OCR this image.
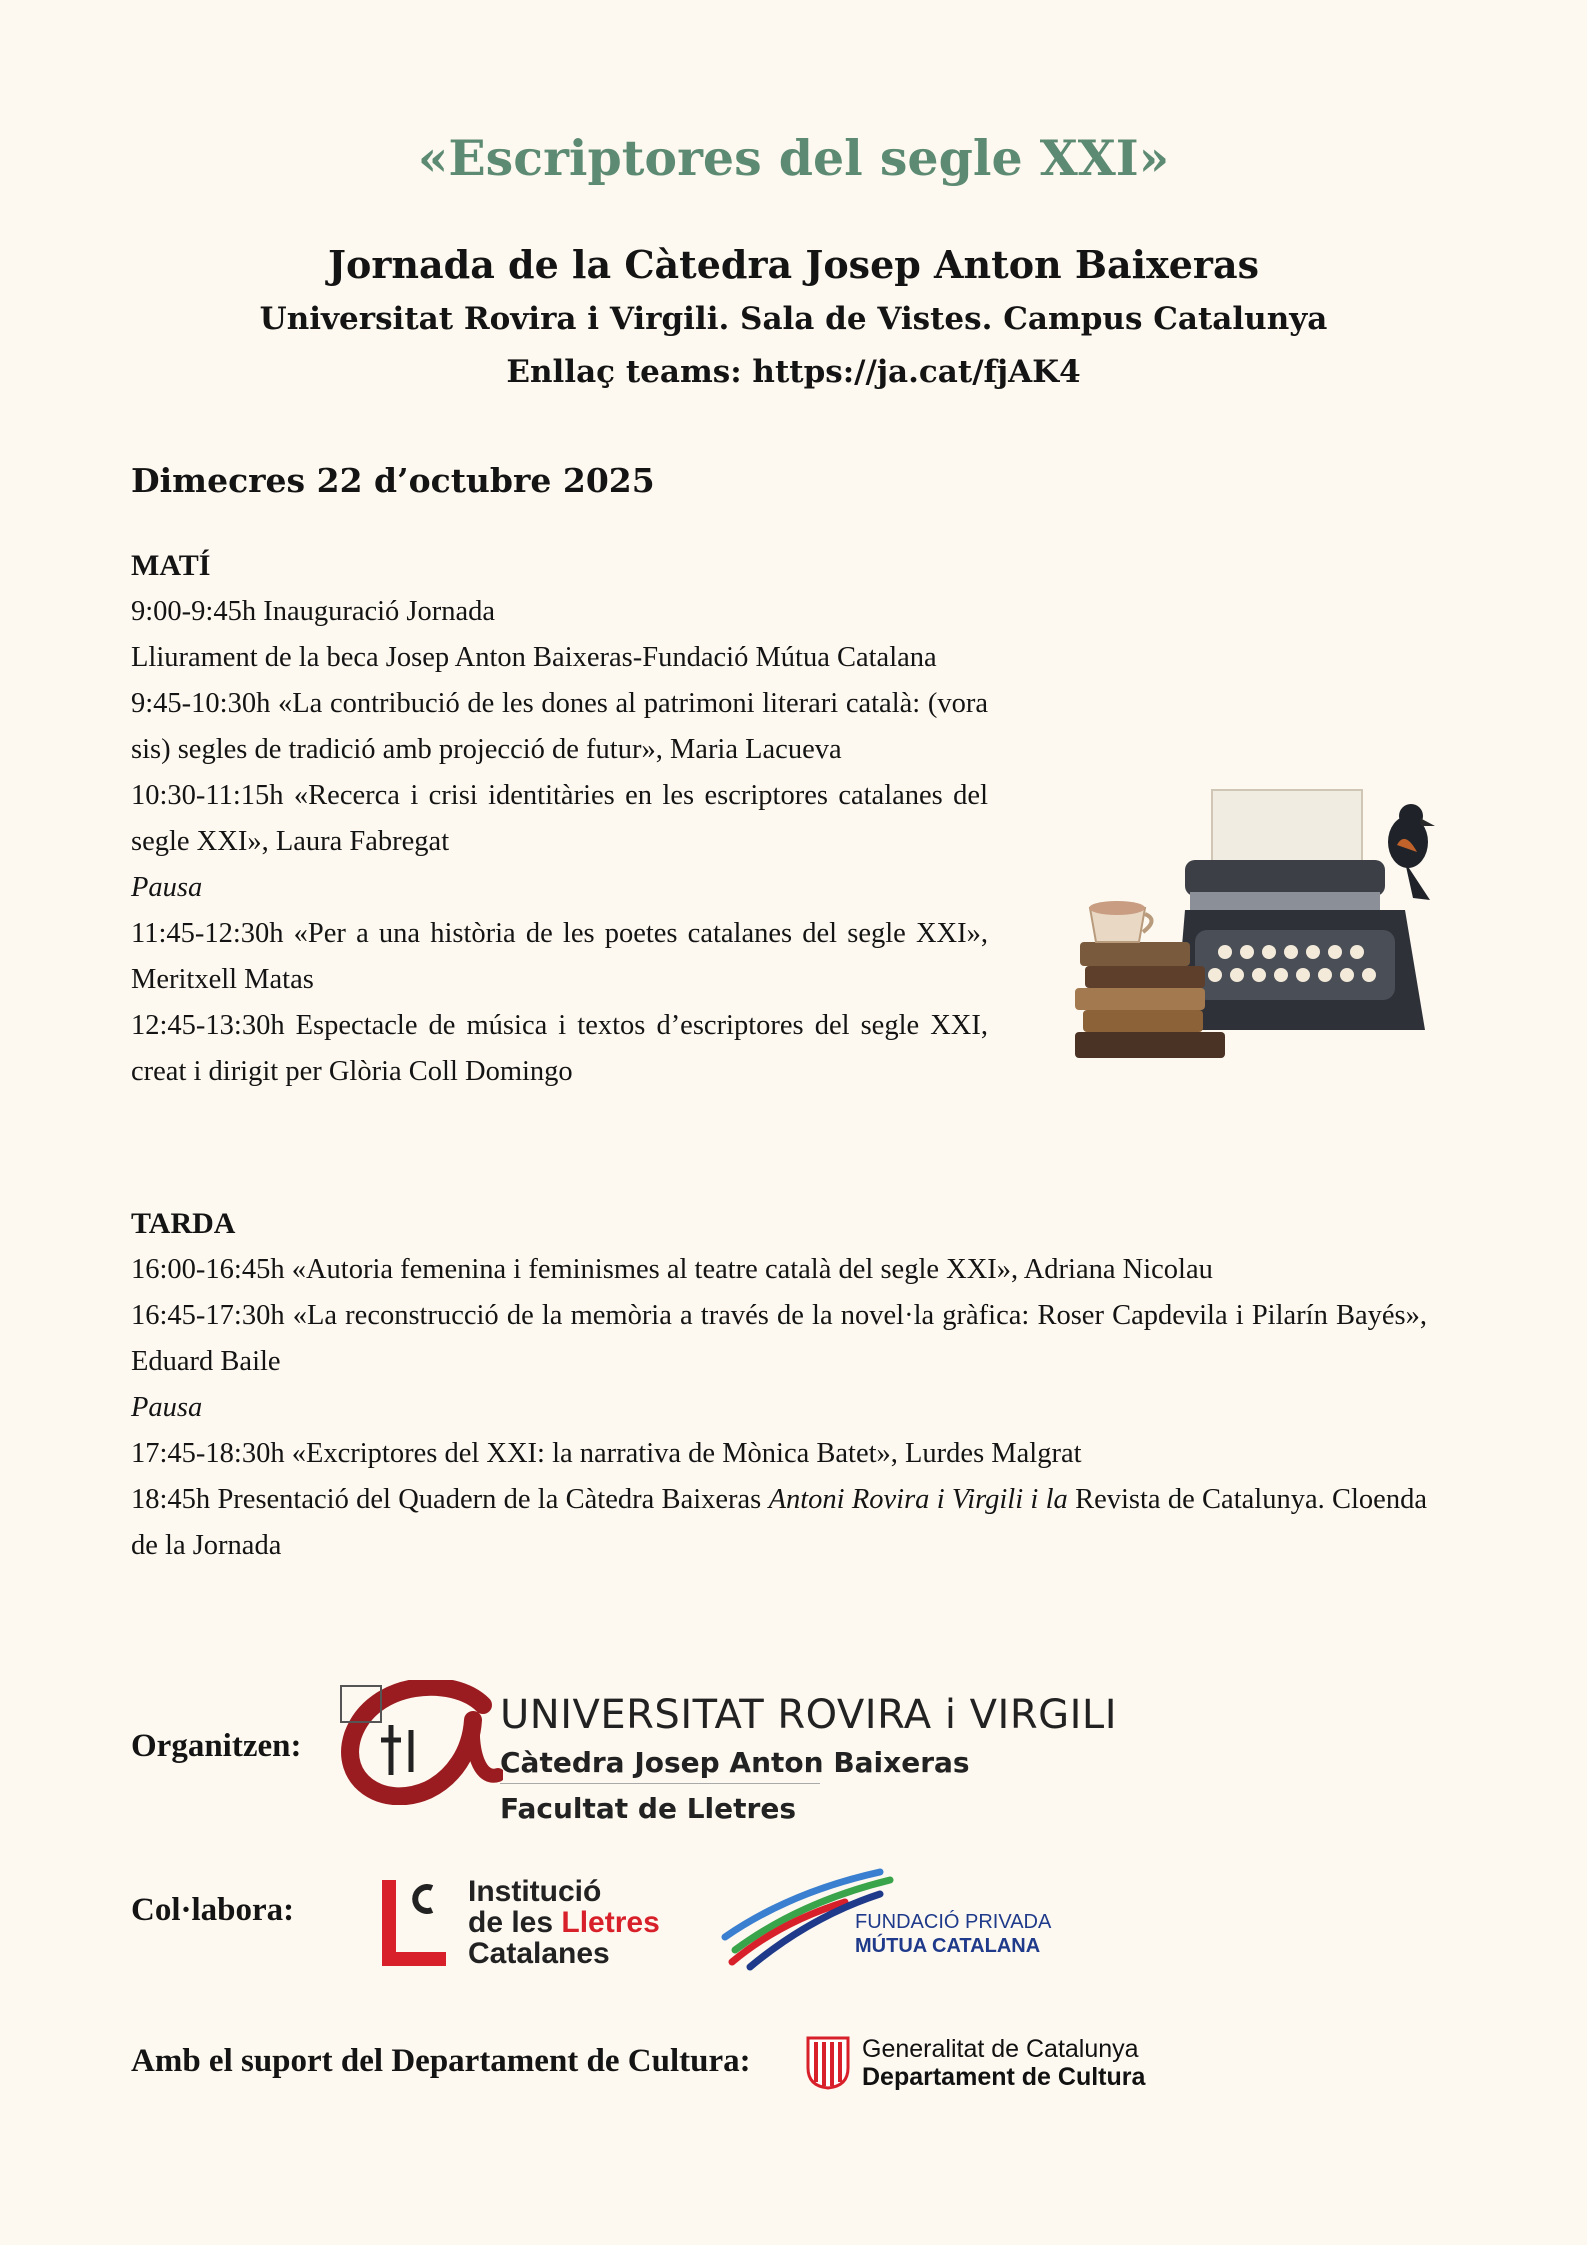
«Escriptores del segle XXI»
Jornada de la Càtedra Josep Anton Baixeras
Universitat Rovira i Virgili. Sala de Vistes. Campus Catalunya
Enllaç teams: https://ja.cat/fjAK4
Dimecres 22 d’octubre 2025
MATÍ

9:00-9:45h Inauguració Jornada

Lliurament de la beca Josep Anton Baixeras-Fundació Mútua Catalana

9:45-10:30h «La contribució de les dones al patrimoni literari català: (vora sis) segles de tradició amb projecció de futur», Maria Lacueva

10:30-11:15h «Recerca i crisi identitàries en les escriptores catalanes del segle XXI», Laura Fabregat

Pausa

11:45-12:30h «Per a una història de les poetes catalanes del segle XXI», Meritxell Matas

12:45-13:30h Espectacle de música i textos d’escriptores del segle XXI, creat i dirigit per Glòria Coll Domingo

TARDA

16:00-16:45h «Autoria femenina i feminismes al teatre català del segle XXI», Adriana Nicolau

16:45-17:30h «La reconstrucció de la memòria a través de la novel·la gràfica: Roser Capdevila i Pilarín Bayés», Eduard Baile

Pausa

17:45-18:30h «Excriptores del XXI: la narrativa de Mònica Batet», Lurdes Malgrat

18:45h Presentació del Quadern de la Càtedra Baixeras Antoni Rovira i Virgili i la Revista de Catalunya. Cloenda de la Jornada

Organitzen:
UNIVERSITAT ROVIRA i VIRGILI
Càtedra Josep Anton Baixeras
Facultat de Lletres
Col·labora:
Institució
de les Lletres
Catalanes
FUNDACIÓ PRIVADA
MÚTUA CATALANA
Amb el suport del Departament de Cultura:	Generalitat de Catalunya
Departament de Cultura
